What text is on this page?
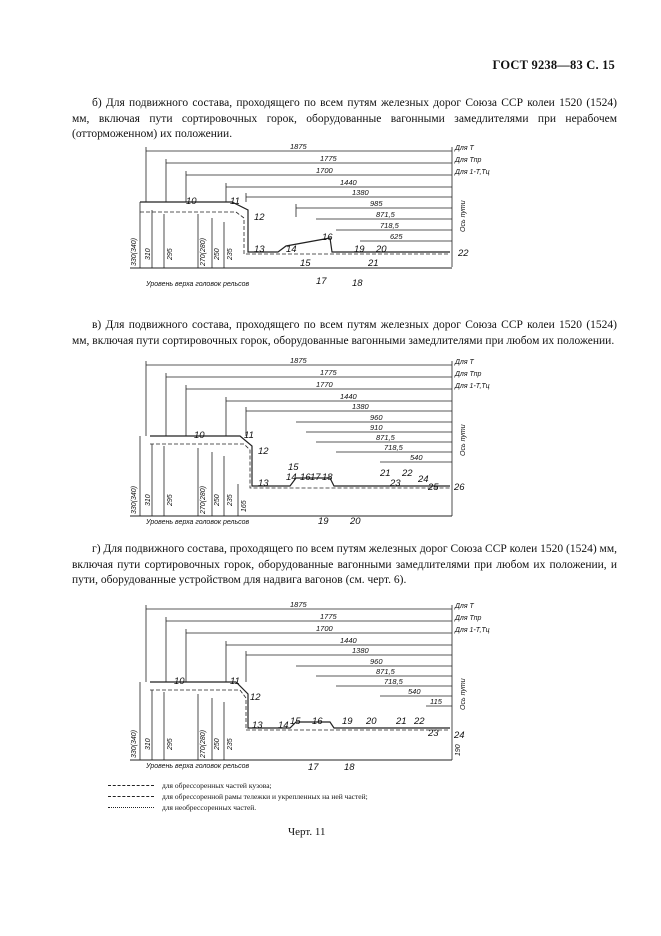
ГОСТ 9238—83 С. 15
б) Для подвижного состава, проходящего по всем путям железных дорог Союза ССР колеи 1520 (1524) мм, включая пути сортировочных горок, оборудованные вагонными замедлителями при нерабочем (отторможенном) их положении.
1875
1775
1700
1440
1380
985
871,5
718,5
625
Для Т
Для Тпр
Для 1-Т,Тц
Ось пути
330(340) 310 295	270(280) 250 235
10	11
12
13 14
15
16
17	18
19 20
21
22
Уровень верха головок рельсов
в) Для подвижного состава, проходящего по всем путям железных дорог Союза ССР колеи 1520 (1524) мм, включая пути сортировочных горок, оборудованные вагонными замедлителями при любом их положении.
1875
1775
1770
1440
1380
960
910
871,5
718,5
540
Для Т
Для Тпр
Для 1-Т,Тц
Ось пути
330(340) 310 295	270(280) 250 235
165
10	11
12
13
14
15
16 17 18
19 20
21 22
23 24
25 26
Уровень верха головок рельсов
г) Для подвижного состава, проходящего по всем путям железных дорог Союза ССР колеи 1520 (1524) мм, включая пути сортировочных горок, оборудованные вагонными замедлителями при любом их положении, и пути, оборудованные устройством для надвига вагонов (см. черт. 6).
1875
1775
1700
1440
1380
960
871,5
718,5
540
115
Для Т
Для Тпр
Для 1-Т,Тц
Ось пути
330(340) 310 295	270(280) 250 235
190
10	11
12
13 14 15 16
17	18
19 20 21 22
23 24
Уровень верха головок рельсов
для обрессоренных частей кузова;
для обрессоренной рамы тележки и укрепленных на ней частей;
для необрессоренных частей.
Черт. 11
